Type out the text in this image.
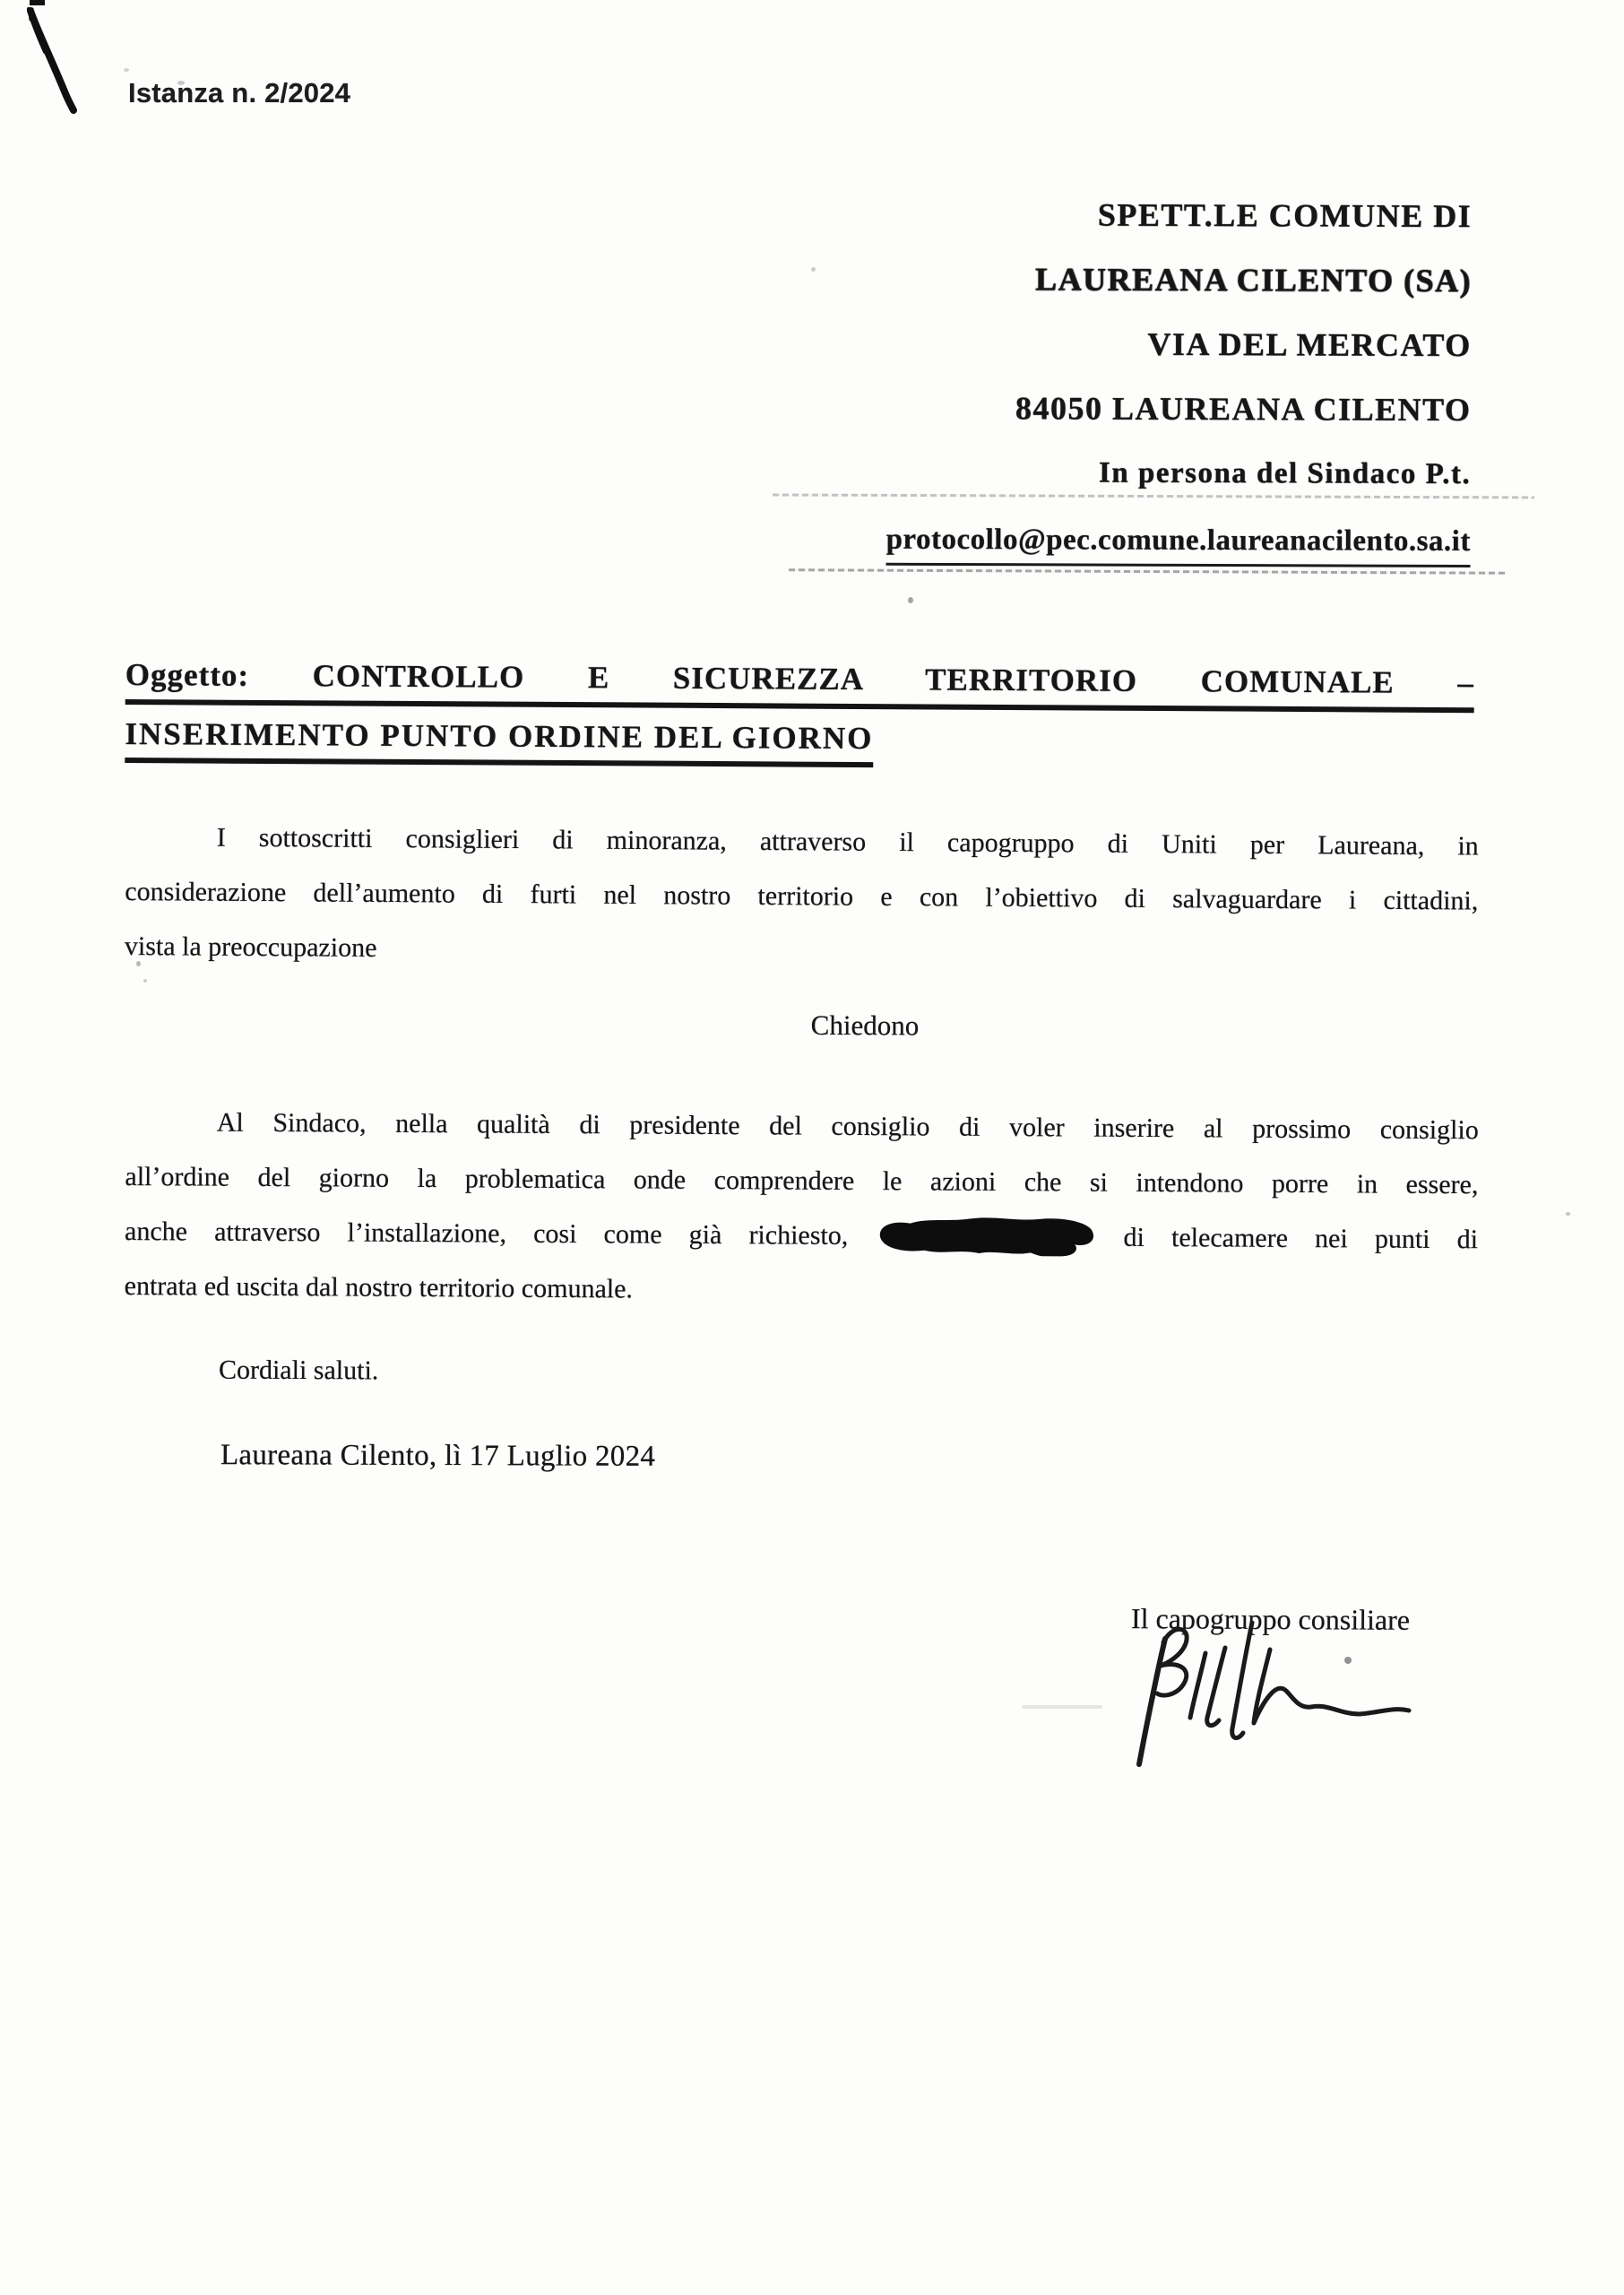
Istanza n. 2/2024
SPETT.LE COMUNE DI
LAUREANA CILENTO (SA)
VIA DEL MERCATO
84050 LAUREANA CILENTO
In persona del Sindaco P.t.
protocollo@pec.comune.laureanacilento.sa.it
Oggetto: CONTROLLO E SICUREZZA TERRITORIO COMUNALE –
INSERIMENTO PUNTO ORDINE DEL GIORNO
I sottoscritti consiglieri di minoranza, attraverso il capogruppo di Uniti per Laureana, in
considerazione dell’aumento di furti nel nostro territorio e con l’obiettivo di salvaguardare i cittadini,
vista la preoccupazione
Chiedono
Al Sindaco, nella qualità di presidente del consiglio di voler inserire al prossimo consiglio
all’ordine del giorno la problematica onde comprendere le azioni che si intendono porre in essere,
anche attraverso l’installazione, cosi come già richiesto,	di telecamere nei punti di
entrata ed uscita dal nostro territorio comunale.
Cordiali saluti.
Laureana Cilento, lì 17 Luglio 2024
Il capogruppo consiliare
